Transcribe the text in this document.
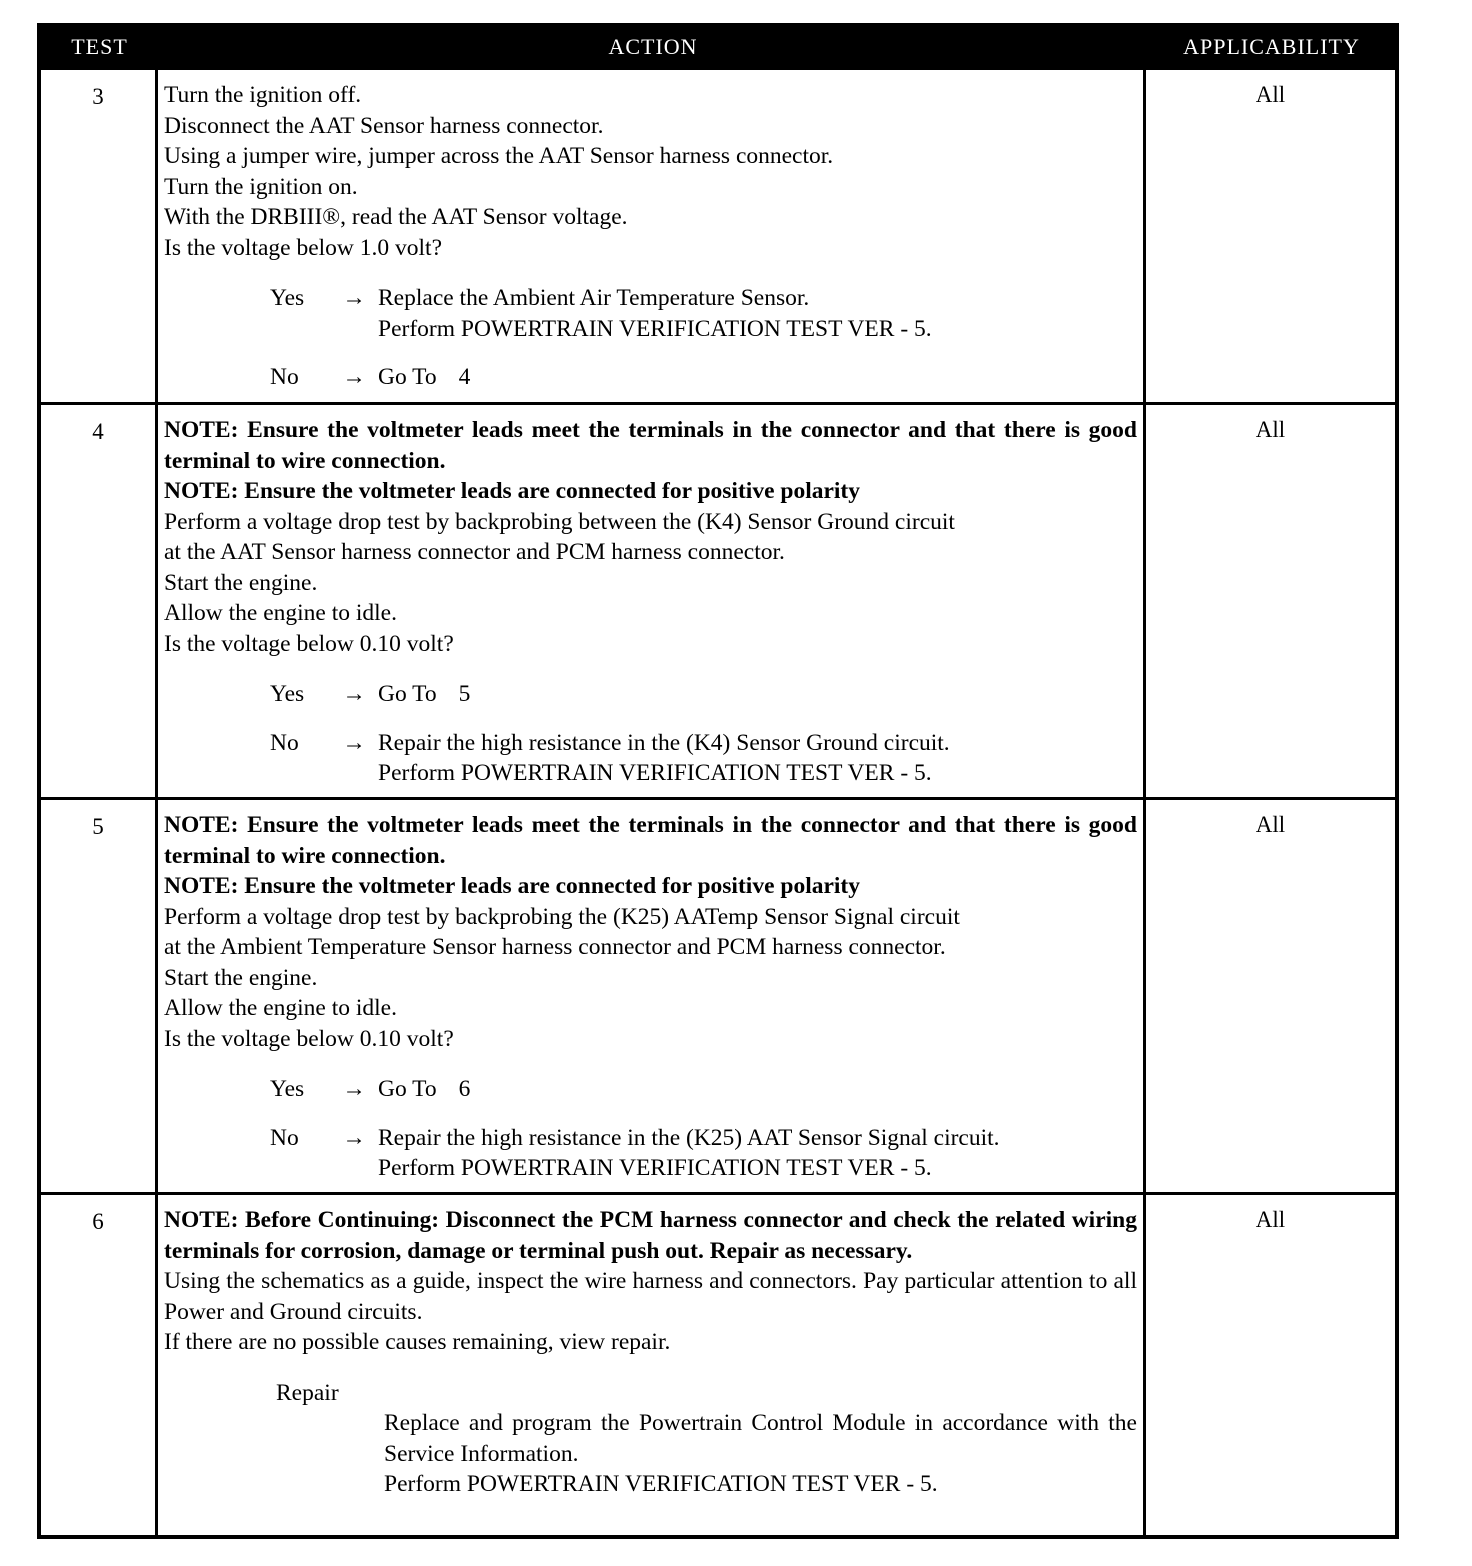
TEST	ACTION	APPLICABILITY
3	Turn the ignition off.
Disconnect the AAT Sensor harness connector.
Using a jumper wire, jumper across the AAT Sensor harness connector.
Turn the ignition on.
With the DRBIII®, read the AAT Sensor voltage.
Is the voltage below 1.0 volt?
Yes	→ Replace the Ambient Air Temperature Sensor.
Perform POWERTRAIN VERIFICATION TEST VER - 5.
No	→ Go To 4
All
4	NOTE: Ensure the voltmeter leads meet the terminals in the connector and that there is good terminal to wire connection.
NOTE: Ensure the voltmeter leads are connected for positive polarity
Perform a voltage drop test by backprobing between the (K4) Sensor Ground circuit
at the AAT Sensor harness connector and PCM harness connector.
Start the engine.
Allow the engine to idle.
Is the voltage below 0.10 volt?
Yes	→ Go To 5
No	→ Repair the high resistance in the (K4) Sensor Ground circuit.
Perform POWERTRAIN VERIFICATION TEST VER - 5.
All
5	NOTE: Ensure the voltmeter leads meet the terminals in the connector and that there is good terminal to wire connection.
NOTE: Ensure the voltmeter leads are connected for positive polarity
Perform a voltage drop test by backprobing the (K25) AATemp Sensor Signal circuit
at the Ambient Temperature Sensor harness connector and PCM harness connector.
Start the engine.
Allow the engine to idle.
Is the voltage below 0.10 volt?
Yes	→ Go To 6
No	→ Repair the high resistance in the (K25) AAT Sensor Signal circuit.
Perform POWERTRAIN VERIFICATION TEST VER - 5.
All
6	NOTE: Before Continuing: Disconnect the PCM harness connector and check the related wiring terminals for corrosion, damage or terminal push out. Repair as necessary.
Using the schematics as a guide, inspect the wire harness and connectors. Pay particular attention to all Power and Ground circuits.
If there are no possible causes remaining, view repair.
Repair
Replace and program the Powertrain Control Module in accordance with the Service Information.
Perform POWERTRAIN VERIFICATION TEST VER - 5.
All
